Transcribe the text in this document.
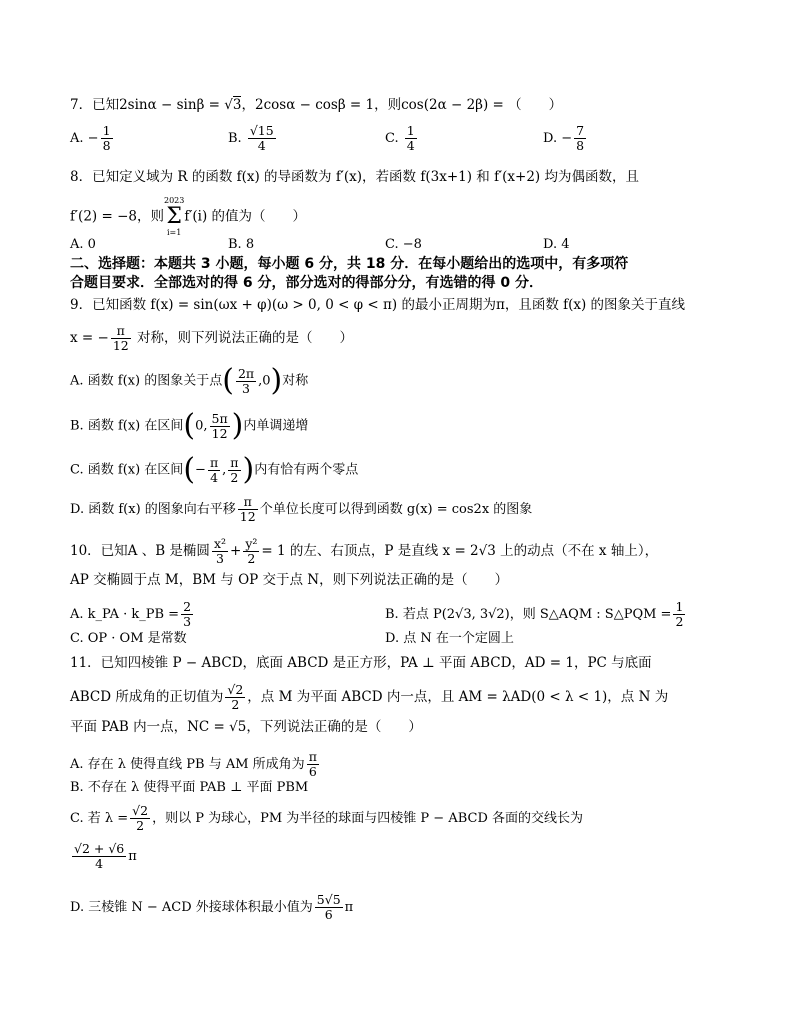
7．已知2sinα − sinβ = √3，2cosα − cosβ = 1，则cos(2α − 2β) = （　　）
A. − $\frac{1}{8}$	B. $\frac{√15}{4}$	C. $\frac{1}{4}$	D. − $\frac{7}{8}$
8．已知定义域为 R 的函数 f(x) 的导函数为 f′(x)，若函数 f(3x+1) 和 f′(x+2) 均为偶函数，且
f′(2) = −8，则
2023
Σ
i=1
f′(i) 的值为（　　）
A. 0	B. 8	C. −8	D. 4
二、选择题：本题共 3 小题，每小题 6 分，共 18 分．在每小题给出的选项中，有多项符
合题目要求．全部选对的得 6 分，部分选对的得部分分，有选错的得 0 分．
9．已知函数 f(x) = sin(ωx + φ)(ω > 0, 0 < φ < π) 的最小正周期为π，且函数 f(x) 的图象关于直线
x = − $\frac{\pi}{12}$ 对称，则下列说法正确的是（　　）
A. 函数 f(x) 的图象关于点( $\frac{2\pi}{3} ,0$)对称
B. 函数 f(x) 在区间(0, $\frac{5\pi}{12}$ )内单调递增
C. 函数 f(x) 在区间(− $\frac{\pi}{4}$ , $\frac{\pi}{2}$ )内有恰有两个零点
D. 函数 f(x) 的图象向右平移 $\frac{\pi}{12}$ 个单位长度可以得到函数 g(x) = cos2x 的图象
10．已知A 、B 是椭圆 $\frac{\text{x²}}{3} + \frac{\text{y²}}{2} = 1$ 的左、右顶点，P 是直线 x = 2√3 上的动点（不在 x 轴上），
AP 交椭圆于点 M，BM 与 OP 交于点 N，则下列说法正确的是（　　）
A. k_PA · k_PB = $\frac{2}{3}$	B. 若点 P(2√3, 3√2)，则 S△AQM : S△PQM = $\frac{1}{2}$
C. OP · OM 是常数	D. 点 N 在一个定圆上
11．已知四棱锥 P − ABCD，底面 ABCD 是正方形，PA ⊥ 平面 ABCD，AD = 1，PC 与底面
ABCD 所成角的正切值为 $\frac{√2}{2}$ ，点 M 为平面 ABCD 内一点，且 AM = λAD(0 < λ < 1)，点 N 为
平面 PAB 内一点，NC = √5，下列说法正确的是（　　）
A. 存在 λ 使得直线 PB 与 AM 所成角为 $\frac{\pi}{6}$
B. 不存在 λ 使得平面 PAB ⊥ 平面 PBM
C. 若 $\lambda = \frac{√2}{2}$ ，则以 P 为球心，PM 为半径的球面与四棱锥 P − ABCD 各面的交线长为
$\frac{√2 + √6}{4}$ π
D. 三棱锥 N − ACD 外接球体积最小值为 $\frac{5√5}{6}$ π
